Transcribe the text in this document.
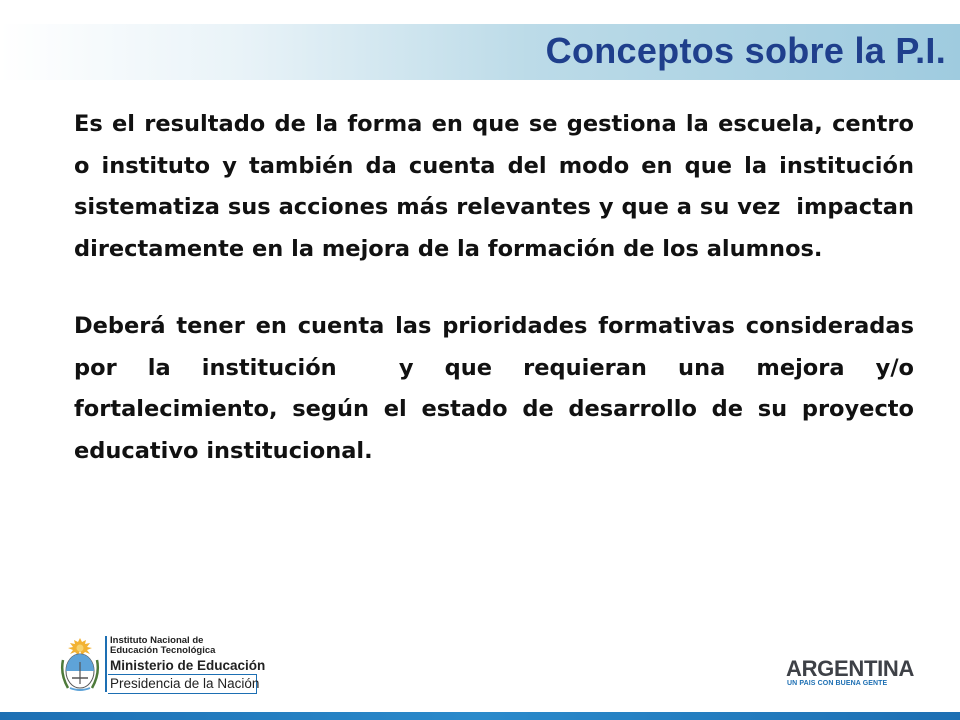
Conceptos sobre la P.I.

Es el resultado de la forma en que se gestiona la escuela, centro o instituto y también da cuenta del modo en que la institución sistematiza sus acciones más relevantes y que a su vez  impactan directamente en la mejora de la formación de los alumnos.

Deberá tener en cuenta las prioridades formativas consideradas por la institución  y que requieran una mejora y/o fortalecimiento, según el estado de desarrollo de su proyecto educativo institucional.

Instituto Nacional de
Educación Tecnológica
Ministerio de Educación
Presidencia de la Nación
ARGENTINA
UN PAIS CON BUENA GENTE
